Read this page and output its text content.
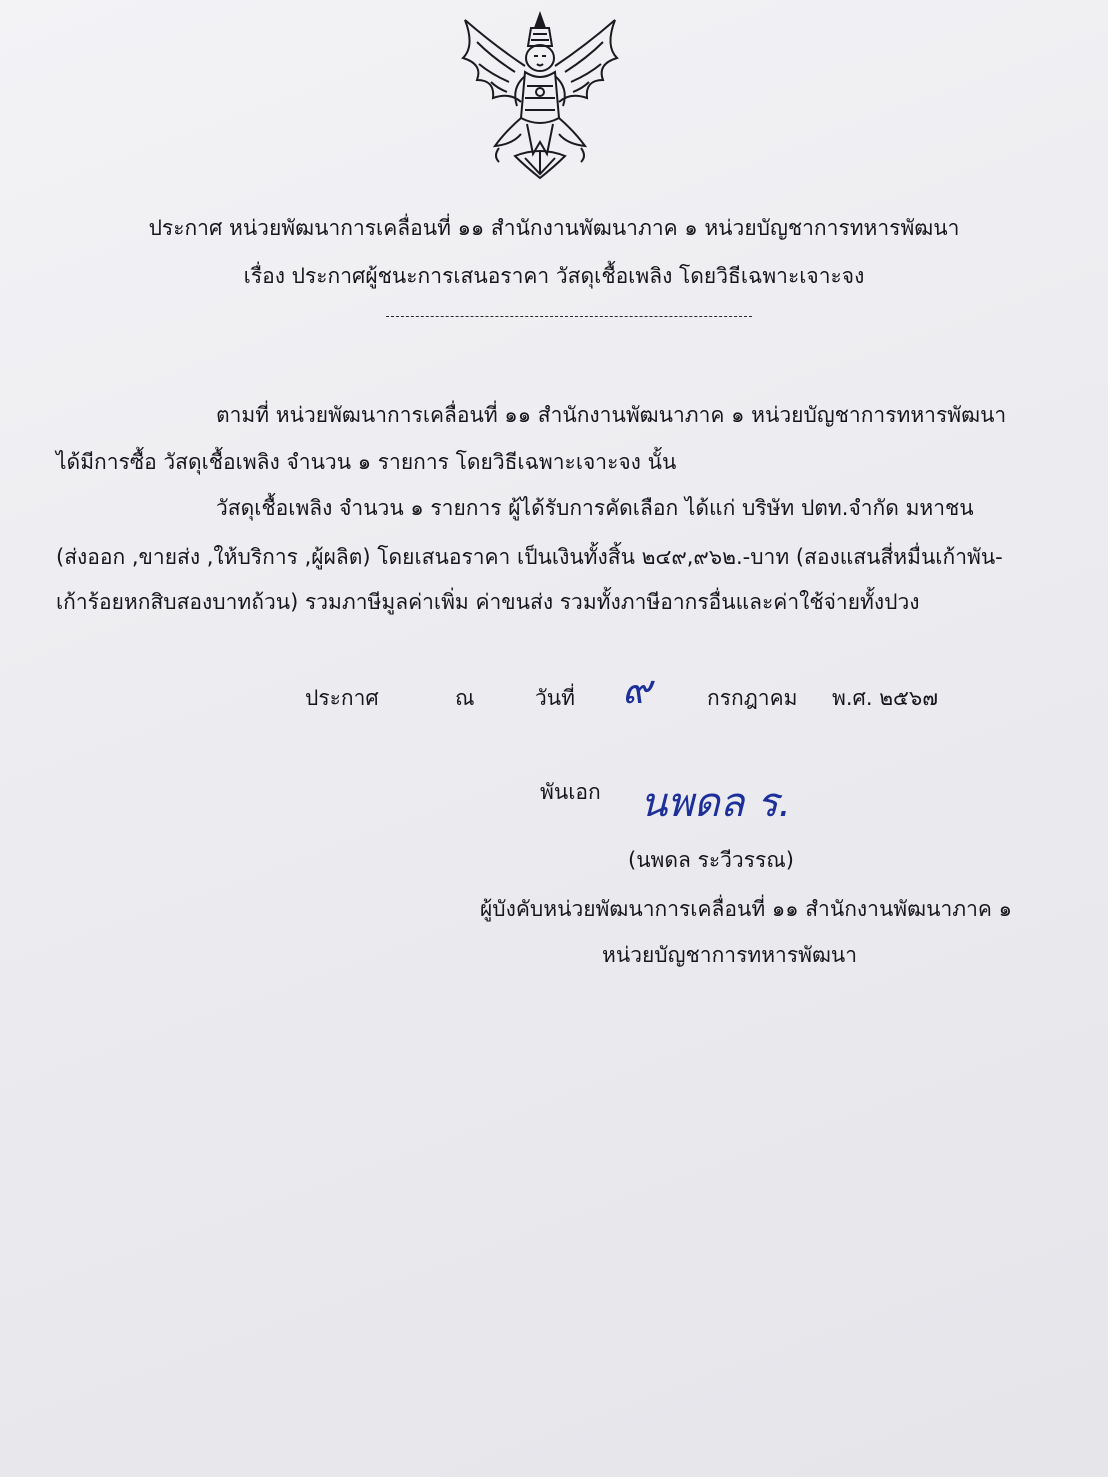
ประกาศ หน่วยพัฒนาการเคลื่อนที่ ๑๑ สำนักงานพัฒนาภาค ๑ หน่วยบัญชาการทหารพัฒนา
เรื่อง ประกาศผู้ชนะการเสนอราคา วัสดุเชื้อเพลิง โดยวิธีเฉพาะเจาะจง
ตามที่ หน่วยพัฒนาการเคลื่อนที่ ๑๑ สำนักงานพัฒนาภาค ๑ หน่วยบัญชาการทหารพัฒนา
ได้มีการซื้อ วัสดุเชื้อเพลิง จำนวน ๑ รายการ โดยวิธีเฉพาะเจาะจง นั้น
วัสดุเชื้อเพลิง จำนวน ๑ รายการ ผู้ได้รับการคัดเลือก ได้แก่ บริษัท ปตท.จำกัด มหาชน
(ส่งออก ,ขายส่ง ,ให้บริการ ,ผู้ผลิต) โดยเสนอราคา เป็นเงินทั้งสิ้น ๒๔๙,๙๖๒.-บาท (สองแสนสี่หมื่นเก้าพัน-
เก้าร้อยหกสิบสองบาทถ้วน) รวมภาษีมูลค่าเพิ่ม ค่าขนส่ง รวมทั้งภาษีอากรอื่นและค่าใช้จ่ายทั้งปวง
ประกาศ	ณ	วันที่ ๙	กรกฎาคม พ.ศ. ๒๕๖๗
พันเอก นพดล ร.
(นพดล ระวีวรรณ)
ผู้บังคับหน่วยพัฒนาการเคลื่อนที่ ๑๑ สำนักงานพัฒนาภาค ๑
หน่วยบัญชาการทหารพัฒนา
